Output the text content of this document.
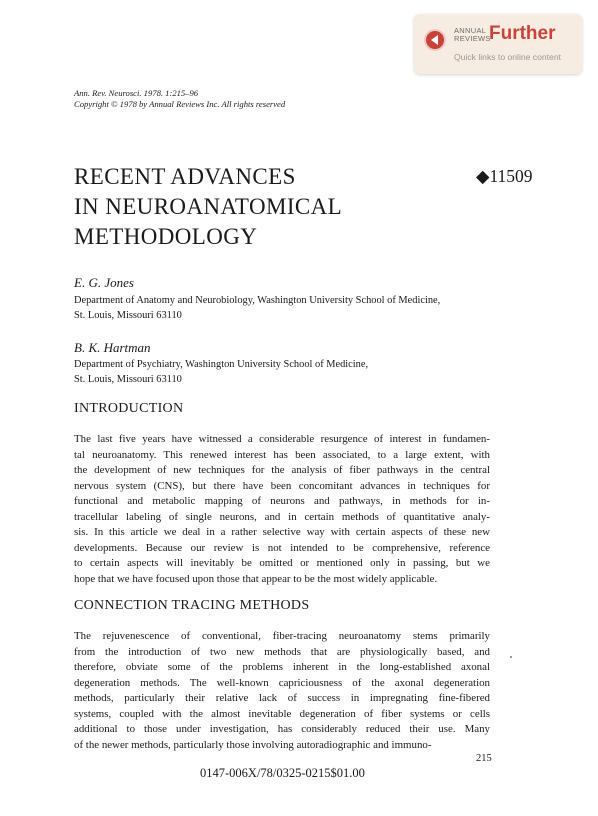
ANNUAL
REVIEWS
Further
Quick links to online content
Ann. Rev. Neurosci. 1978. 1:215–96
Copyright © 1978 by Annual Reviews Inc. All rights reserved
RECENT ADVANCES
IN NEUROANATOMICAL
METHODOLOGY
◆11509
E. G. Jones
Department of Anatomy and Neurobiology, Washington University School of Medicine,
St. Louis, Missouri 63110
B. K. Hartman
Department of Psychiatry, Washington University School of Medicine,
St. Louis, Missouri 63110
INTRODUCTION
The last five years have witnessed a considerable resurgence of interest in fundamen-
tal neuroanatomy. This renewed interest has been associated, to a large extent, with
the development of new techniques for the analysis of fiber pathways in the central
nervous system (CNS), but there have been concomitant advances in techniques for
functional and metabolic mapping of neurons and pathways, in methods for in-
tracellular labeling of single neurons, and in certain methods of quantitative analy-
sis. In this article we deal in a rather selective way with certain aspects of these new
developments. Because our review is not intended to be comprehensive, reference
to certain aspects will inevitably be omitted or mentioned only in passing, but we
hope that we have focused upon those that appear to be the most widely applicable.
CONNECTION TRACING METHODS
The rejuvenescence of conventional, fiber-tracing neuroanatomy stems primarily
from the introduction of two new methods that are physiologically based, and
therefore, obviate some of the problems inherent in the long-established axonal
degeneration methods. The well-known capriciousness of the axonal degeneration
methods, particularly their relative lack of success in impregnating fine-fibered
systems, coupled with the almost inevitable degeneration of fiber systems or cells
additional to those under investigation, has considerably reduced their use. Many
of the newer methods, particularly those involving autoradiographic and immuno-
215
0147-006X/78/0325-0215$01.00
